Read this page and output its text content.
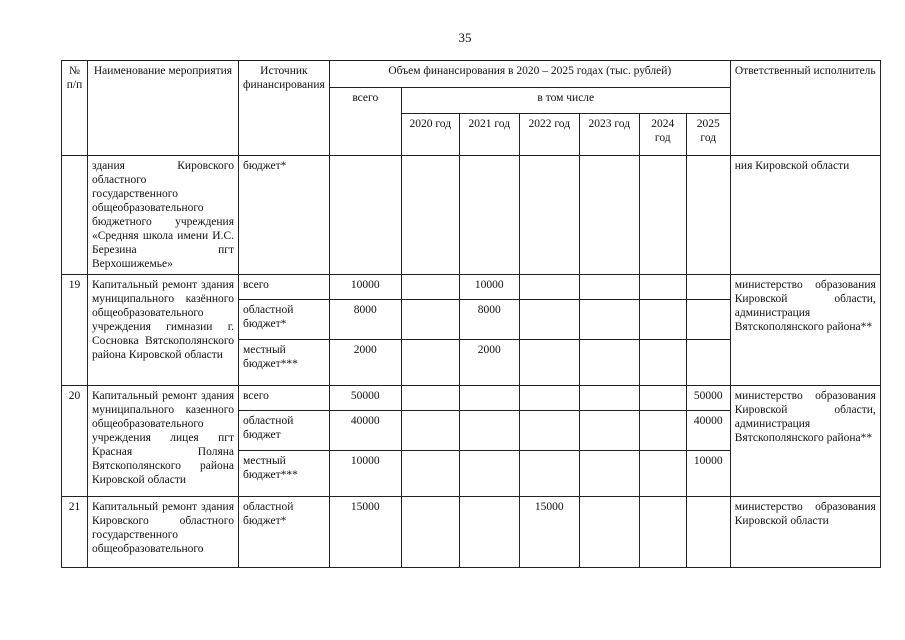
35
№ п/п	Наименование мероприятия	Источник финансирования	Объем финансирования в 2020 – 2025 годах (тыс. рублей)							Ответственный исполнитель
			всего	в том числе						
				2020 год	2021 год	2022 год	2023 год	2024 год	2025 год	
	здания Кировского областного государственного общеобразовательного бюджетного учреждения «Средняя школа имени И.С. Березина пгт Верхошижемье»	бюджет*								ния Кировской области
19	Капитальный ремонт здания муниципального казённого общеобразовательного учреждения гимназии г. Сосновка Вятскополянского района Кировской области	всего	10000		10000					министерство образования Кировской области, администрация Вятскополянского района**
		областной бюджет*	8000		8000					
		местный бюджет***	2000		2000					
20	Капитальный ремонт здания муниципального казенного общеобразовательного учреждения лицея пгт Красная Поляна Вятскополянского района Кировской области	всего	50000						50000	министерство образования Кировской области, администрация Вятскополянского района**
		областной бюджет	40000						40000	
		местный бюджет***	10000						10000	
21	Капитальный ремонт здания Кировского областного государственного общеобразовательного	областной бюджет*	15000			15000				министерство образования Кировской области
